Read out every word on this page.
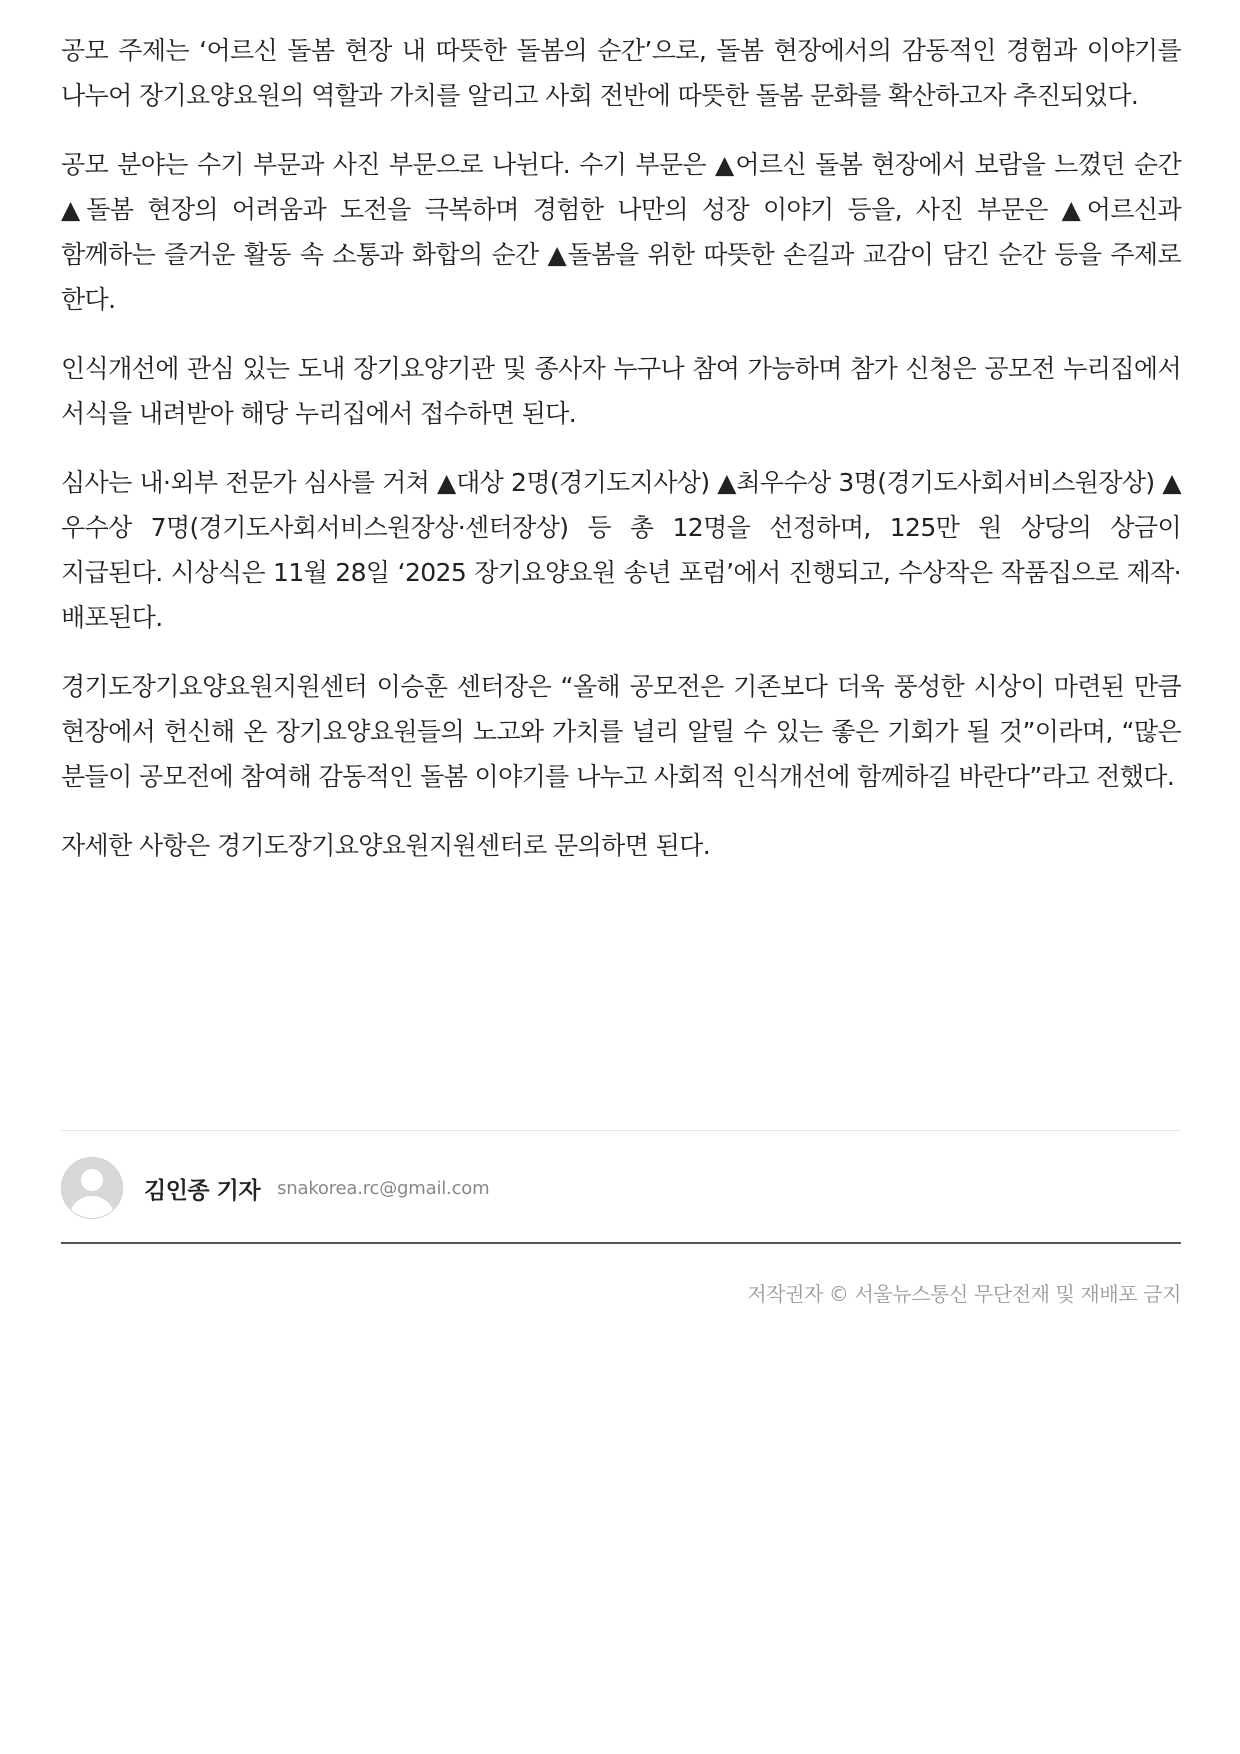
공모 주제는 ‘어르신 돌봄 현장 내 따뜻한 돌봄의 순간’으로, 돌봄 현장에서의 감동적인 경험과 이야기를 나누어 장기요양요원의 역할과 가치를 알리고 사회 전반에 따뜻한 돌봄 문화를 확산하고자 추진되었다.

공모 분야는 수기 부문과 사진 부문으로 나뉜다. 수기 부문은 ▲어르신 돌봄 현장에서 보람을 느꼈던 순간 ▲돌봄 현장의 어려움과 도전을 극복하며 경험한 나만의 성장 이야기 등을, 사진 부문은 ▲어르신과 함께하는 즐거운 활동 속 소통과 화합의 순간 ▲돌봄을 위한 따뜻한 손길과 교감이 담긴 순간 등을 주제로 한다.

인식개선에 관심 있는 도내 장기요양기관 및 종사자 누구나 참여 가능하며 참가 신청은 공모전 누리집에서 서식을 내려받아 해당 누리집에서 접수하면 된다.

심사는 내·외부 전문가 심사를 거쳐 ▲대상 2명(경기도지사상) ▲최우수상 3명(경기도사회서비스원장상) ▲우수상 7명(경기도사회서비스원장상·센터장상) 등 총 12명을 선정하며, 125만 원 상당의 상금이 지급된다. 시상식은 11월 28일 ‘2025 장기요양요원 송년 포럼’에서 진행되고, 수상작은 작품집으로 제작·배포된다.

경기도장기요양요원지원센터 이승훈 센터장은 “올해 공모전은 기존보다 더욱 풍성한 시상이 마련된 만큼 현장에서 헌신해 온 장기요양요원들의 노고와 가치를 널리 알릴 수 있는 좋은 기회가 될 것”이라며, “많은 분들이 공모전에 참여해 감동적인 돌봄 이야기를 나누고 사회적 인식개선에 함께하길 바란다”라고 전했다.

자세한 사항은 경기도장기요양요원지원센터로 문의하면 된다.

김인종 기자 snakorea.rc@gmail.com
저작권자 © 서울뉴스통신 무단전재 및 재배포 금지
